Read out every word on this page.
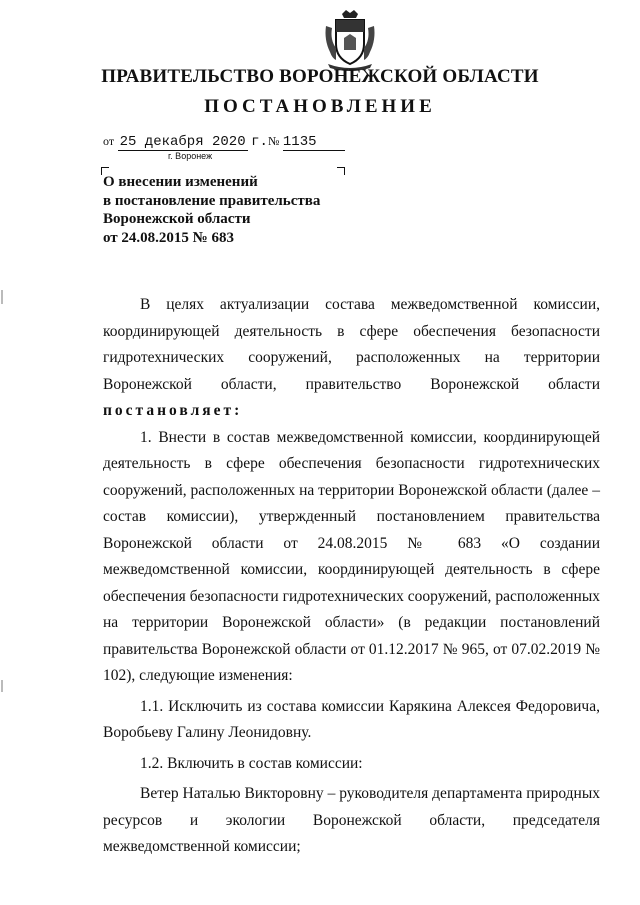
ПРАВИТЕЛЬСТВО ВОРОНЕЖСКОЙ ОБЛАСТИ
ПОСТАНОВЛЕНИЕ
от 25 декабря 2020 г.№ 1135
г. Воронеж
О внесении изменений
в постановление правительства
Воронежской области
от 24.08.2015 № 683

В целях актуализации состава межведомственной комиссии, координирующей деятельность в сфере обеспечения безопасности гидротехнических сооружений, расположенных на территории Воронежской области, правительство Воронежской области постановляет:

1. Внести в состав межведомственной комиссии, координирующей деятельность в сфере обеспечения безопасности гидротехнических сооружений, расположенных на территории Воронежской области (далее – состав комиссии), утвержденный постановлением правительства Воронежской области от 24.08.2015 № 683 «О создании межведомственной комиссии, координирующей деятельность в сфере обеспечения безопасности гидротехнических сооружений, расположенных на территории Воронежской области» (в редакции постановлений правительства Воронежской области от 01.12.2017 № 965, от 07.02.2019 № 102), следующие изменения:

1.1. Исключить из состава комиссии Карякина Алексея Федоровича, Воробьеву Галину Леонидовну.

1.2. Включить в состав комиссии:

Ветер Наталью Викторовну – руководителя департамента природных ресурсов и экологии Воронежской области, председателя межведомственной комиссии;
